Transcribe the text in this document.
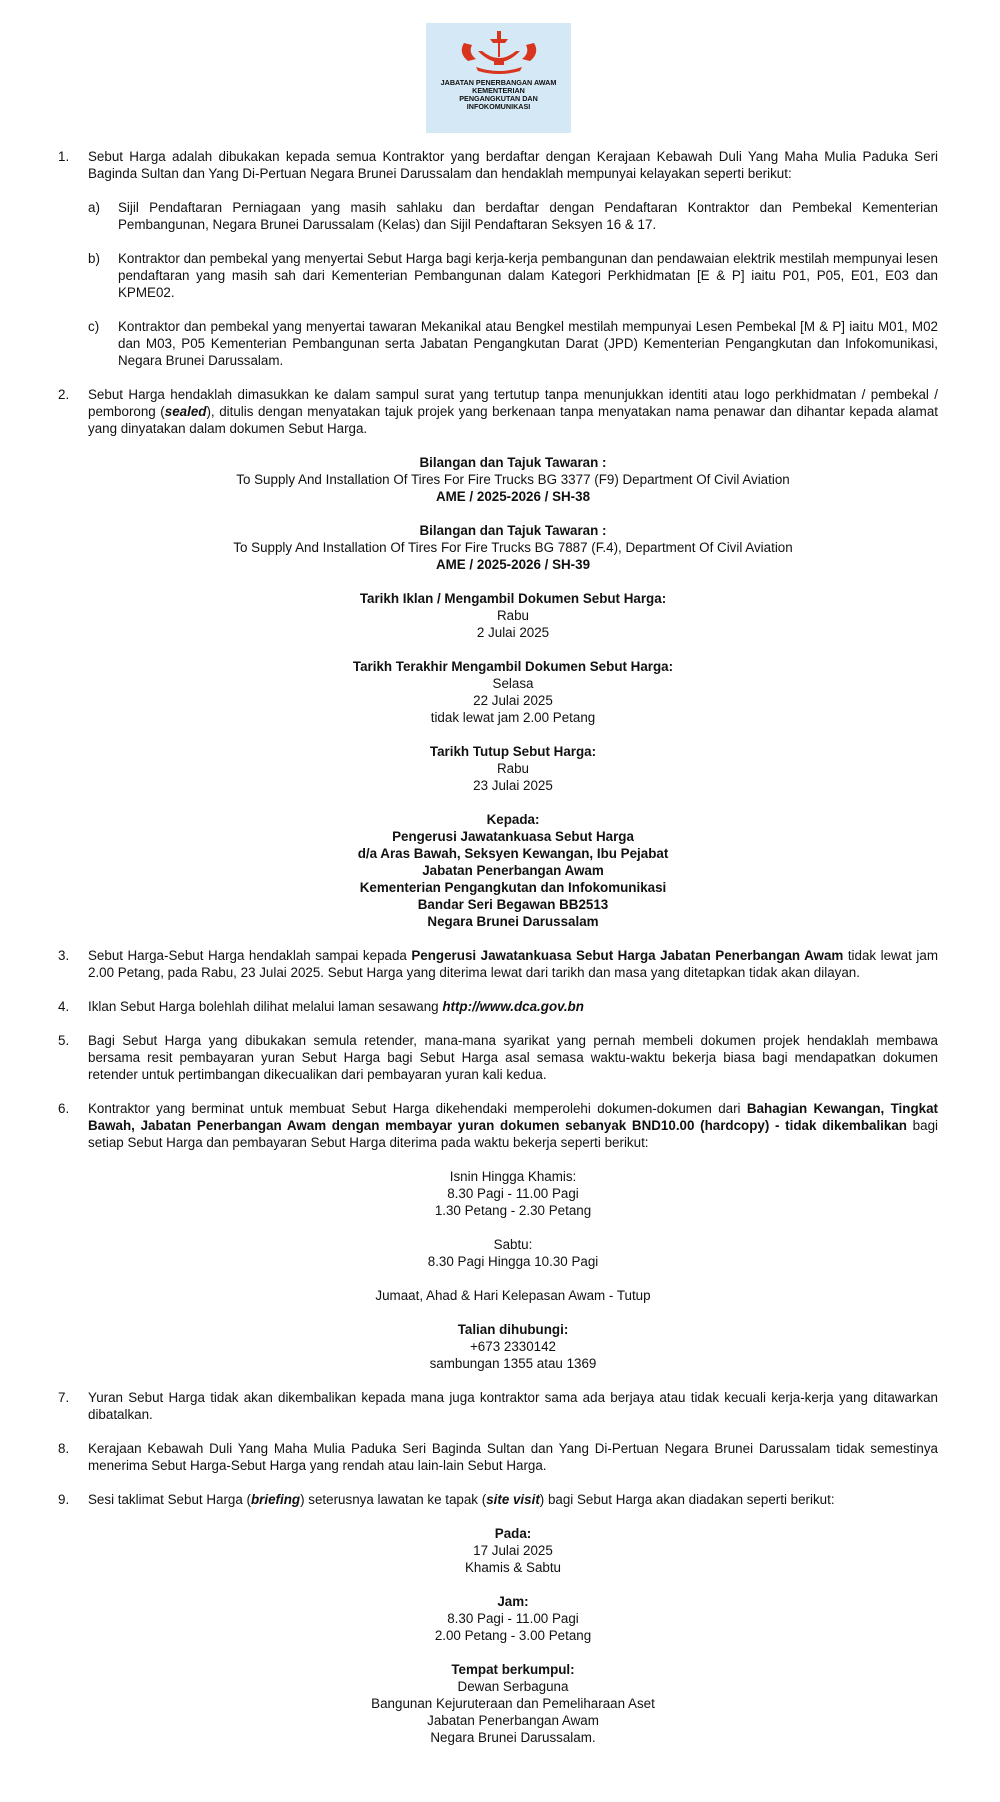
JABATAN PENERBANGAN AWAM
KEMENTERIAN
PENGANGKUTAN DAN
INFOKOMUNIKASI
1. Sebut Harga adalah dibukakan kepada semua Kontraktor yang berdaftar dengan Kerajaan Kebawah Duli Yang Maha Mulia Paduka Seri Baginda Sultan dan Yang Di-Pertuan Negara Brunei Darussalam dan hendaklah mempunyai kelayakan seperti berikut:
a) Sijil Pendaftaran Perniagaan yang masih sahlaku dan berdaftar dengan Pendaftaran Kontraktor dan Pembekal Kementerian Pembangunan, Negara Brunei Darussalam (Kelas) dan Sijil Pendaftaran Seksyen 16 & 17.
b) Kontraktor dan pembekal yang menyertai Sebut Harga bagi kerja-kerja pembangunan dan pendawaian elektrik mestilah mempunyai lesen pendaftaran yang masih sah dari Kementerian Pembangunan dalam Kategori Perkhidmatan [E & P] iaitu P01, P05, E01, E03 dan KPME02.
c) Kontraktor dan pembekal yang menyertai tawaran Mekanikal atau Bengkel mestilah mempunyai Lesen Pembekal [M & P] iaitu M01, M02 dan M03, P05 Kementerian Pembangunan serta Jabatan Pengangkutan Darat (JPD) Kementerian Pengangkutan dan Infokomunikasi, Negara Brunei Darussalam.
2. Sebut Harga hendaklah dimasukkan ke dalam sampul surat yang tertutup tanpa menunjukkan identiti atau logo perkhidmatan / pembekal / pemborong (sealed), ditulis dengan menyatakan tajuk projek yang berkenaan tanpa menyatakan nama penawar dan dihantar kepada alamat yang dinyatakan dalam dokumen Sebut Harga.
Bilangan dan Tajuk Tawaran :
To Supply And Installation Of Tires For Fire Trucks BG 3377 (F9) Department Of Civil Aviation
AME / 2025-2026 / SH-38
Bilangan dan Tajuk Tawaran :
To Supply And Installation Of Tires For Fire Trucks BG 7887 (F.4), Department Of Civil Aviation
AME / 2025-2026 / SH-39
Tarikh Iklan / Mengambil Dokumen Sebut Harga:
Rabu
2 Julai 2025
Tarikh Terakhir Mengambil Dokumen Sebut Harga:
Selasa
22 Julai 2025
tidak lewat jam 2.00 Petang
Tarikh Tutup Sebut Harga:
Rabu
23 Julai 2025
Kepada:
Pengerusi Jawatankuasa Sebut Harga
d/a Aras Bawah, Seksyen Kewangan, Ibu Pejabat
Jabatan Penerbangan Awam
Kementerian Pengangkutan dan Infokomunikasi
Bandar Seri Begawan BB2513
Negara Brunei Darussalam
3. Sebut Harga-Sebut Harga hendaklah sampai kepada Pengerusi Jawatankuasa Sebut Harga Jabatan Penerbangan Awam tidak lewat jam 2.00 Petang, pada Rabu, 23 Julai 2025. Sebut Harga yang diterima lewat dari tarikh dan masa yang ditetapkan tidak akan dilayan.
4. Iklan Sebut Harga bolehlah dilihat melalui laman sesawang http://www.dca.gov.bn
5. Bagi Sebut Harga yang dibukakan semula retender, mana-mana syarikat yang pernah membeli dokumen projek hendaklah membawa bersama resit pembayaran yuran Sebut Harga bagi Sebut Harga asal semasa waktu-waktu bekerja biasa bagi mendapatkan dokumen retender untuk pertimbangan dikecualikan dari pembayaran yuran kali kedua.
6. Kontraktor yang berminat untuk membuat Sebut Harga dikehendaki memperolehi dokumen-dokumen dari Bahagian Kewangan, Tingkat Bawah, Jabatan Penerbangan Awam dengan membayar yuran dokumen sebanyak BND10.00 (hardcopy) - tidak dikembalikan bagi setiap Sebut Harga dan pembayaran Sebut Harga diterima pada waktu bekerja seperti berikut:
Isnin Hingga Khamis:
8.30 Pagi - 11.00 Pagi
1.30 Petang - 2.30 Petang
Sabtu:
8.30 Pagi Hingga 10.30 Pagi
Jumaat, Ahad & Hari Kelepasan Awam - Tutup
Talian dihubungi:
+673 2330142
sambungan 1355 atau 1369
7. Yuran Sebut Harga tidak akan dikembalikan kepada mana juga kontraktor sama ada berjaya atau tidak kecuali kerja-kerja yang ditawarkan dibatalkan.
8. Kerajaan Kebawah Duli Yang Maha Mulia Paduka Seri Baginda Sultan dan Yang Di-Pertuan Negara Brunei Darussalam tidak semestinya menerima Sebut Harga-Sebut Harga yang rendah atau lain-lain Sebut Harga.
9. Sesi taklimat Sebut Harga (briefing) seterusnya lawatan ke tapak (site visit) bagi Sebut Harga akan diadakan seperti berikut:
Pada:
17 Julai 2025
Khamis & Sabtu
Jam:
8.30 Pagi - 11.00 Pagi
2.00 Petang - 3.00 Petang
Tempat berkumpul:
Dewan Serbaguna
Bangunan Kejuruteraan dan Pemeliharaan Aset
Jabatan Penerbangan Awam
Negara Brunei Darussalam.
